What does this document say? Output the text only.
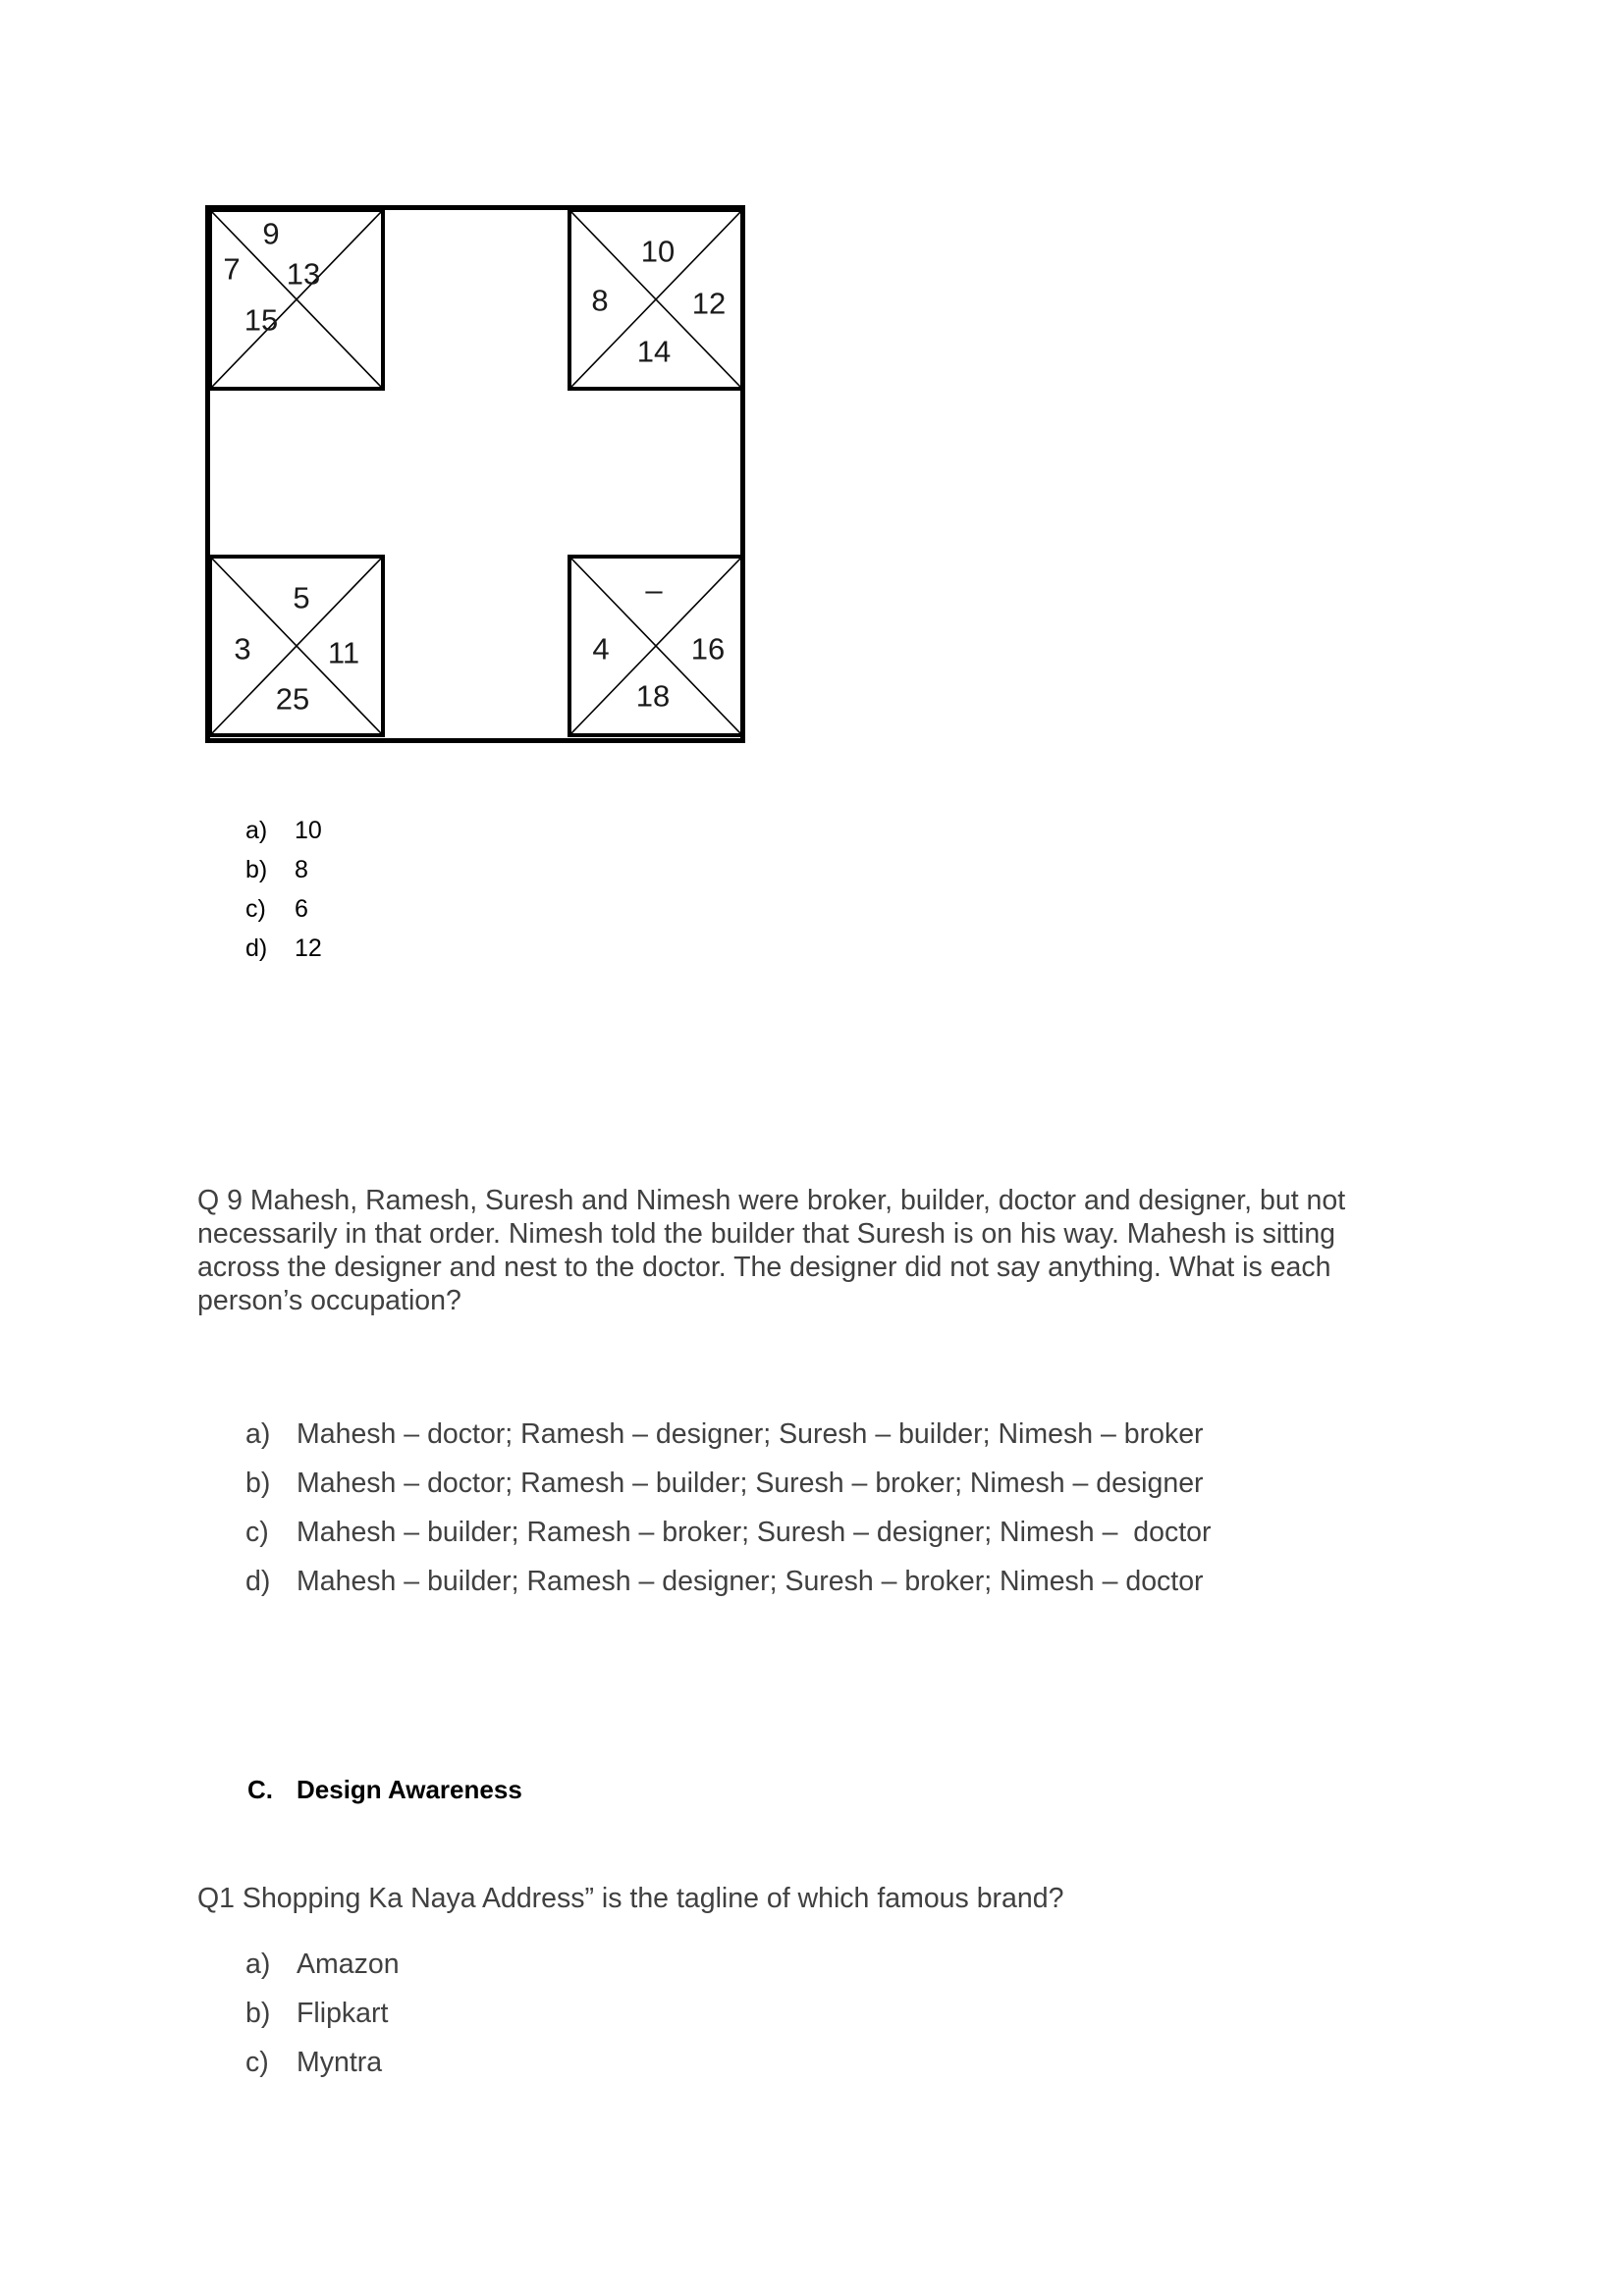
9
7 13
15
10
8	12
14
5
3	11
25
–
4	16
18
a) 10
b) 8
c) 6
d) 12
Q 9 Mahesh, Ramesh, Suresh and Nimesh were broker, builder, doctor and designer, but not
necessarily in that order. Nimesh told the builder that Suresh is on his way. Mahesh is sitting
across the designer and nest to the doctor. The designer did not say anything. What is each
person’s occupation?
a) Mahesh – doctor; Ramesh – designer; Suresh – builder; Nimesh – broker
b) Mahesh – doctor; Ramesh – builder; Suresh – broker; Nimesh – designer
c) Mahesh – builder; Ramesh – broker; Suresh – designer; Nimesh –  doctor
d) Mahesh – builder; Ramesh – designer; Suresh – broker; Nimesh – doctor
C. Design Awareness
Q1 Shopping Ka Naya Address” is the tagline of which famous brand?
a) Amazon
b) Flipkart
c) Myntra
